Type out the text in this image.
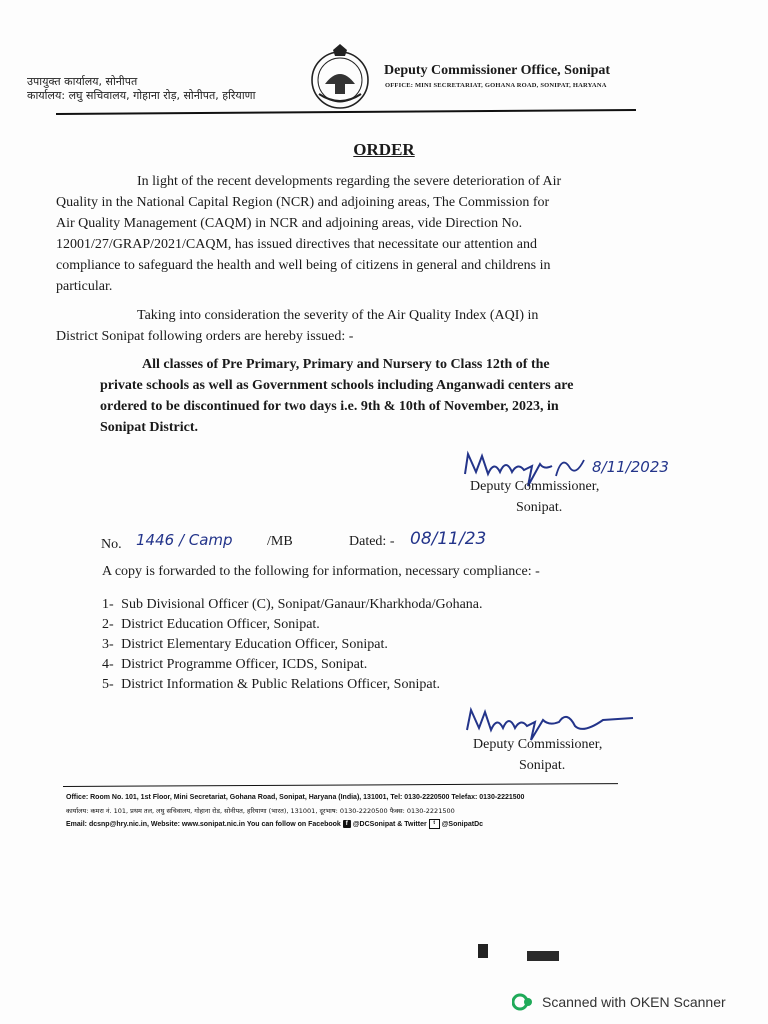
उपायुक्त कार्यालय, सोनीपत
कार्यालय: लघु सचिवालय, गोहाना रोड़, सोनीपत, हरियाणा
Deputy Commissioner Office, Sonipat
OFFICE: MINI SECRETARIAT, GOHANA ROAD, SONIPAT, HARYANA
ORDER
In light of the recent developments regarding the severe deterioration of Air
Quality in the National Capital Region (NCR) and adjoining areas, The Commission for
Air Quality Management (CAQM) in NCR and adjoining areas, vide Direction No.
12001/27/GRAP/2021/CAQM, has issued directives that necessitate our attention and
compliance to safeguard the health and well being of citizens in general and childrens in
particular.
Taking into consideration the severity of the Air Quality Index (AQI) in
District Sonipat following orders are hereby issued: -
All classes of Pre Primary, Primary and Nursery to Class 12th of the
private schools as well as Government schools including Anganwadi centers are
ordered to be discontinued for two days i.e. 9th & 10th of November, 2023, in
Sonipat District.
8/11/2023
Deputy Commissioner,
Sonipat.
No. 1446 / Camp /MB	Dated: - 08/11/23
A copy is forwarded to the following for information, necessary compliance: -
1- Sub Divisional Officer (C), Sonipat/Ganaur/Kharkhoda/Gohana.
2- District Education Officer, Sonipat.
3- District Elementary Education Officer, Sonipat.
4- District Programme Officer, ICDS, Sonipat.
5- District Information & Public Relations Officer, Sonipat.
Deputy Commissioner,
Sonipat.
Office: Room No. 101, 1st Floor, Mini Secretariat, Gohana Road, Sonipat, Haryana (India), 131001, Tel: 0130-2220500 Telefax: 0130-2221500
कार्यालय: कमरा नं. 101, प्रथम तल, लघु सचिवालय, गोहाना रोड, सोनीपत, हरियाणा (भारत), 131001, दूरभाष: 0130-2220500 फैक्स: 0130-2221500
Email: dcsnp@hry.nic.in, Website: www.sonipat.nic.in You can follow on Facebook f @DCSonipat & Twitter t @SonipatDc
Scanned with OKEN Scanner
